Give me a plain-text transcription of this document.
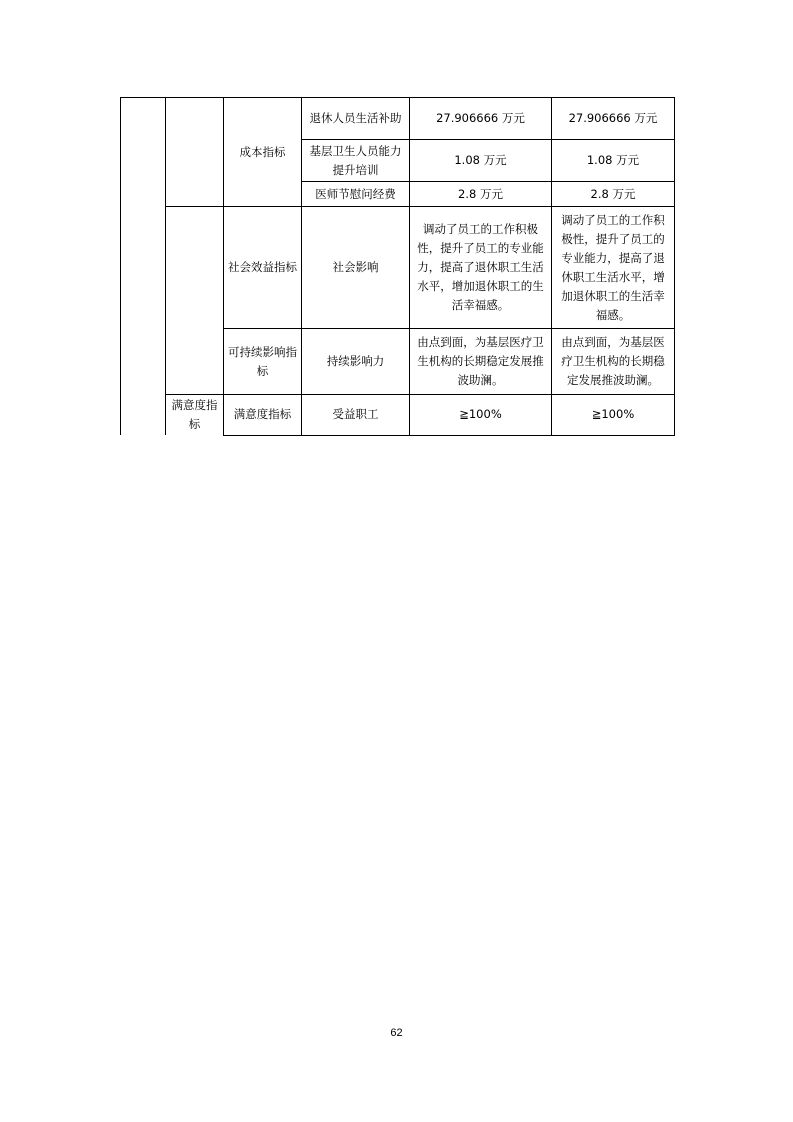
		成本指标	退休人员生活补助	27.906666 万元	27.906666 万元
			基层卫生人员能力提升培训	1.08 万元	1.08 万元
			医师节慰问经费	2.8 万元	2.8 万元
		社会效益指标	社会影响	调动了员工的工作积极性，提升了员工的专业能力，提高了退休职工生活水平，增加退休职工的生活幸福感。	调动了员工的工作积极性，提升了员工的专业能力，提高了退休职工生活水平，增加退休职工的生活幸福感。
		可持续影响指标	持续影响力	由点到面，为基层医疗卫生机构的长期稳定发展推波助澜。	由点到面，为基层医疗卫生机构的长期稳定发展推波助澜。
	满意度指标	满意度指标	受益职工	≧100%	≧100%
62
